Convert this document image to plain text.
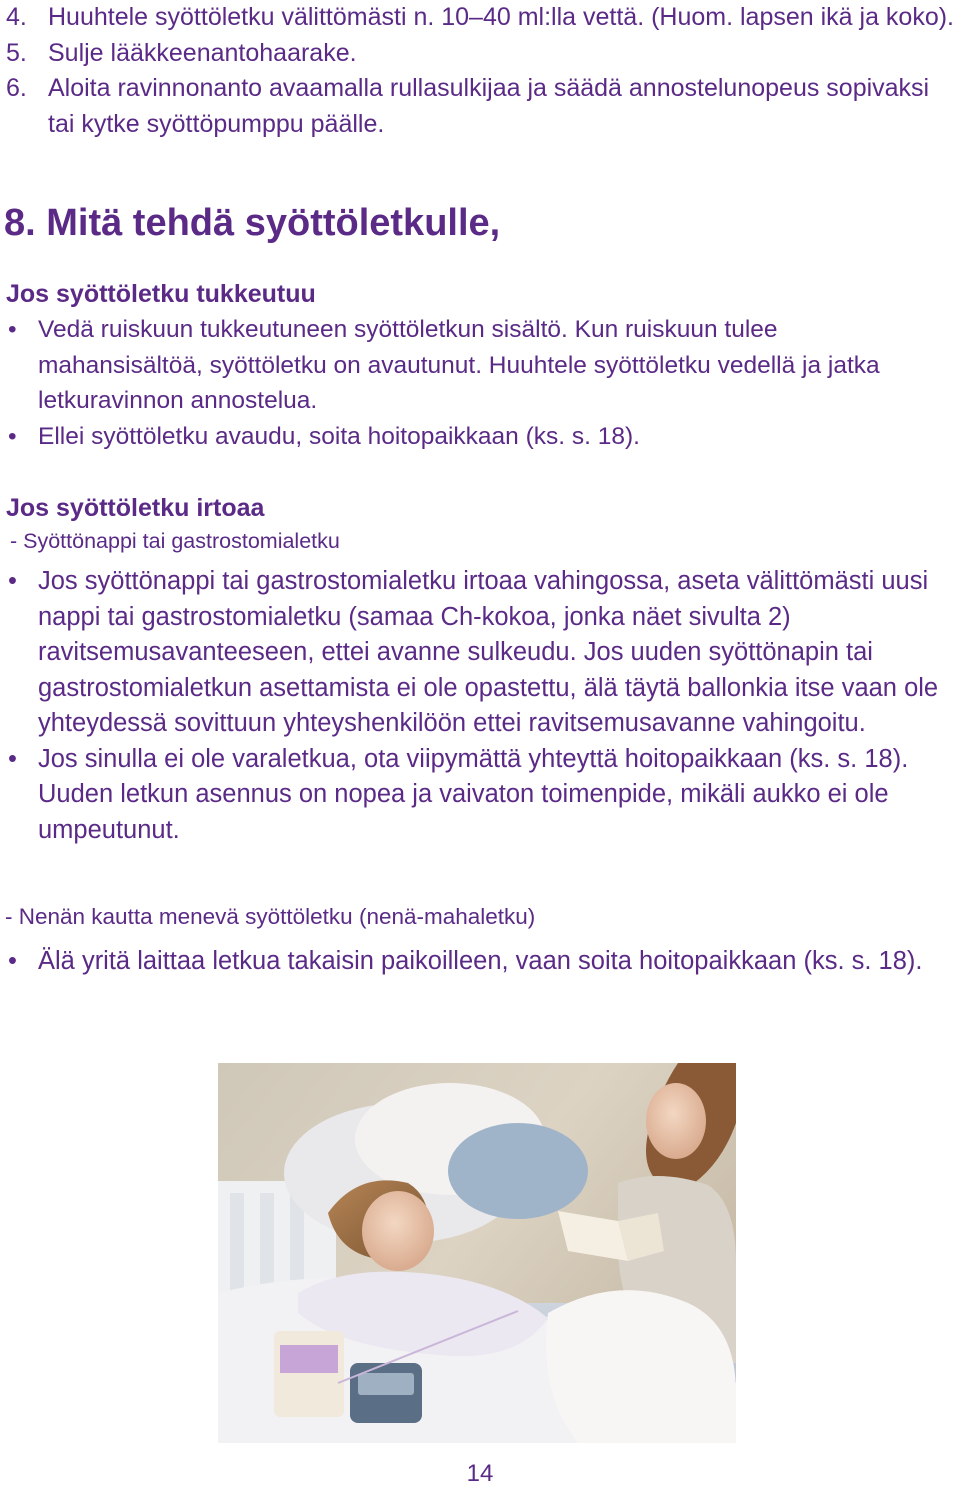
4. Huuhtele syöttöletku välittömästi n. 10–40 ml:lla vettä. (Huom. lapsen ikä ja koko).
5. Sulje lääkkeenantohaarake.
6. Aloita ravinnonanto avaamalla rullasulkijaa ja säädä annostelunopeus sopivaksi tai kytke syöttöpumppu päälle.
8. Mitä tehdä syöttöletkulle,
Jos syöttöletku tukkeutuu
• Vedä ruiskuun tukkeutuneen syöttöletkun sisältö. Kun ruiskuun tulee mahansisältöä, syöttöletku on avautunut. Huuhtele syöttöletku vedellä ja jatka letkuravinnon annostelua.
• Ellei syöttöletku avaudu, soita hoitopaikkaan (ks. s. 18).
Jos syöttöletku irtoaa
- Syöttönappi tai gastrostomialetku
• Jos syöttönappi tai gastrostomialetku irtoaa vahingossa, aseta välittömästi uusi nappi tai gastrostomialetku (samaa Ch-kokoa, jonka näet sivulta 2) ravitsemusavanteeseen, ettei avanne sulkeudu. Jos uuden syöttönapin tai gastrostomialetkun asettamista ei ole opastettu, älä täytä ballonkia itse vaan ole yhteydessä sovittuun yhteyshenkilöön ettei ravitsemusavanne vahingoitu.
• Jos sinulla ei ole varaletkua, ota viipymättä yhteyttä hoitopaikkaan (ks. s. 18). Uuden letkun asennus on nopea ja vaivaton toimenpide, mikäli aukko ei ole umpeutunut.
- Nenän kautta menevä syöttöletku (nenä-mahaletku)
• Älä yritä laittaa letkua takaisin paikoilleen, vaan soita hoitopaikkaan (ks. s. 18).
14
